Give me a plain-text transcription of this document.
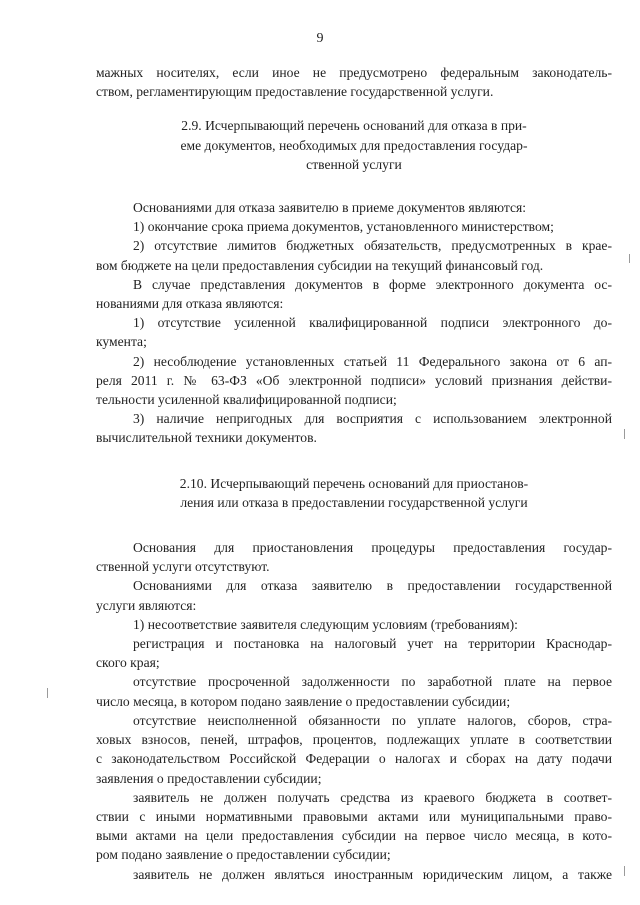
9
мажных носителях, если иное не предусмотрено федеральным законодатель-
ством, регламентирующим предоставление государственной услуги.
2.9. Исчерпывающий перечень оснований для отказа в при-
еме документов, необходимых для предоставления государ-
ственной услуги
Основаниями для отказа заявителю в приеме документов являются:
1) окончание срока приема документов, установленного министерством;
2) отсутствие лимитов бюджетных обязательств, предусмотренных в крае-
вом бюджете на цели предоставления субсидии на текущий финансовый год.
В случае представления документов в форме электронного документа ос-
нованиями для отказа являются:
1) отсутствие усиленной квалифицированной подписи электронного до-
кумента;
2) несоблюдение установленных статьей 11 Федерального закона от 6 ап-
реля 2011 г. № 63-ФЗ «Об электронной подписи» условий признания действи-
тельности усиленной квалифицированной подписи;
3) наличие непригодных для восприятия с использованием электронной
вычислительной техники документов.
2.10. Исчерпывающий перечень оснований для приостанов-
ления или отказа в предоставлении государственной услуги
Основания для приостановления процедуры предоставления государ-
ственной услуги отсутствуют.
Основаниями для отказа заявителю в предоставлении государственной
услуги являются:
1) несоответствие заявителя следующим условиям (требованиям):
регистрация и постановка на налоговый учет на территории Краснодар-
ского края;
отсутствие просроченной задолженности по заработной плате на первое
число месяца, в котором подано заявление о предоставлении субсидии;
отсутствие неисполненной обязанности по уплате налогов, сборов, стра-
ховых взносов, пеней, штрафов, процентов, подлежащих уплате в соответствии
с законодательством Российской Федерации о налогах и сборах на дату подачи
заявления о предоставлении субсидии;
заявитель не должен получать средства из краевого бюджета в соответ-
ствии с иными нормативными правовыми актами или муниципальными право-
выми актами на цели предоставления субсидии на первое число месяца, в кото-
ром подано заявление о предоставлении субсидии;
заявитель не должен являться иностранным юридическим лицом, а также
